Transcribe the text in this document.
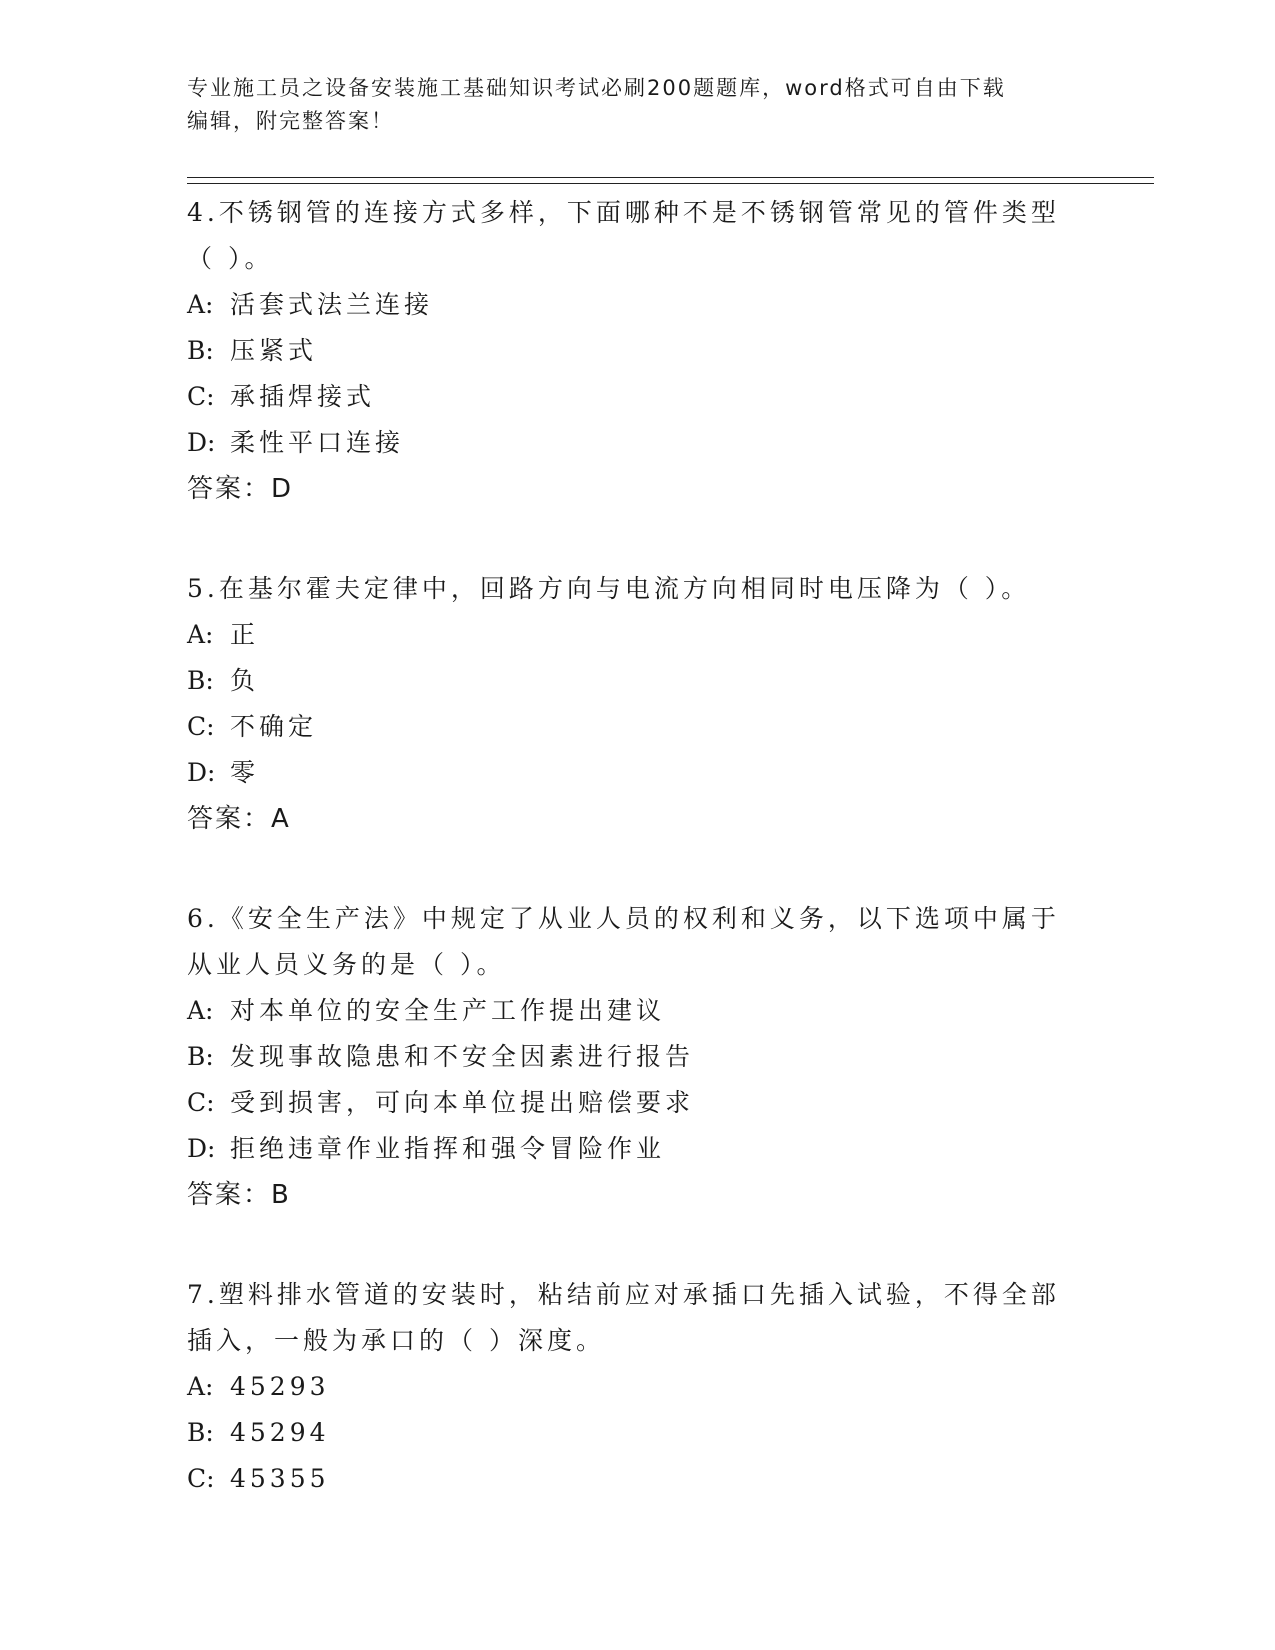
专业施工员之设备安装施工基础知识考试必刷200题题库，word格式可自由下载
编辑，附完整答案！
4.不锈钢管的连接方式多样，下面哪种不是不锈钢管常见的管件类型（ ）。
A: 活套式法兰连接
B: 压紧式
C: 承插焊接式
D: 柔性平口连接
答案：D
5.在基尔霍夫定律中，回路方向与电流方向相同时电压降为（ ）。
A: 正
B: 负
C: 不确定
D: 零
答案：A
6.《安全生产法》中规定了从业人员的权利和义务，以下选项中属于从业人员义务的是（ ）。
A: 对本单位的安全生产工作提出建议
B: 发现事故隐患和不安全因素进行报告
C: 受到损害，可向本单位提出赔偿要求
D: 拒绝违章作业指挥和强令冒险作业
答案：B
7.塑料排水管道的安装时，粘结前应对承插口先插入试验，不得全部插入，一般为承口的（ ）深度。
A: 45293
B: 45294
C: 45355
